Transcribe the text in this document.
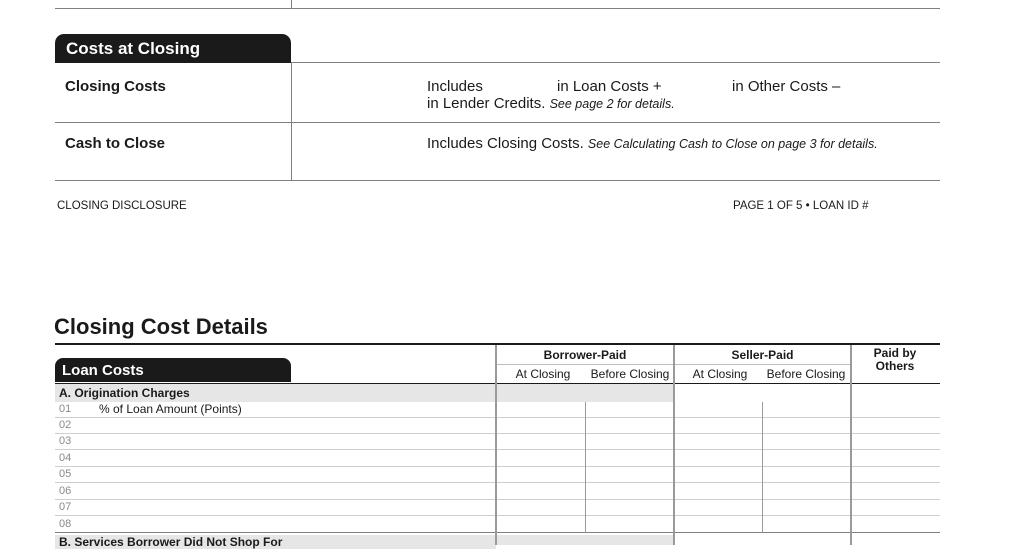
Costs at Closing
Closing Costs	Includes	in Loan Costs +	in Other Costs –
in Lender Credits. See page 2 for details.
Cash to Close	Includes Closing Costs. See Calculating Cash to Close on page 3 for details.
CLOSING DISCLOSURE	PAGE 1 OF 5 • LOAN ID #
Closing Cost Details
Loan Costs
Borrower-Paid
At Closing	Before Closing
Seller-Paid
At Closing	Before Closing
Paid by Others
A. Origination Charges
01 % of Loan Amount (Points)
02
03
04
05
06
07
08
B. Services Borrower Did Not Shop For
